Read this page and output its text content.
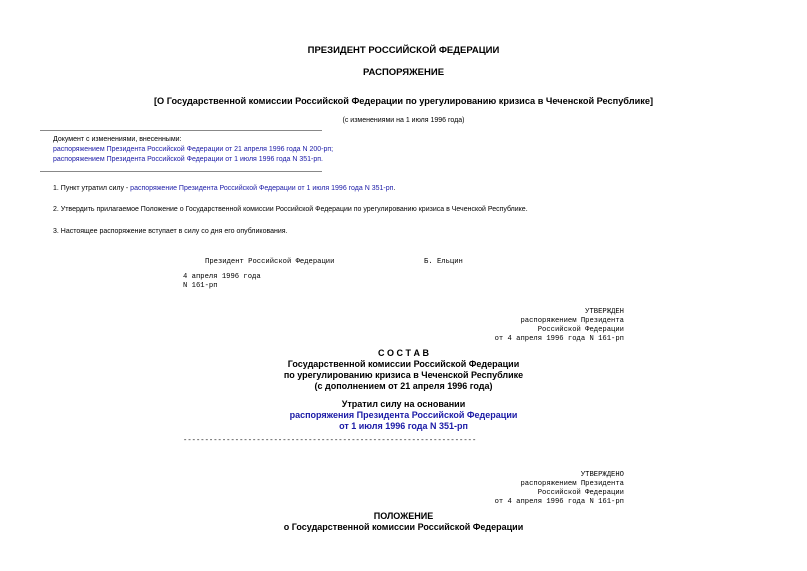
ПРЕЗИДЕНТ РОССИЙСКОЙ ФЕДЕРАЦИИ
РАСПОРЯЖЕНИЕ
[О Государственной комиссии Российской Федерации по урегулированию кризиса в Чеченской Республике]
(с изменениями на 1 июля 1996 года)
Документ с изменениями, внесенными:
распоряжением Президента Российской Федерации от 21 апреля 1996 года N 200-рп;
распоряжением Президента Российской Федерации от 1 июля 1996 года N 351-рп.
1. Пункт утратил силу - распоряжение Президента Российской Федерации от 1 июля 1996 года N 351-рп.
2. Утвердить прилагаемое Положение о Государственной комиссии Российской Федерации по урегулированию кризиса в Чеченской Республике.
3. Настоящее распоряжение вступает в силу со дня его опубликования.
Президент Российской Федерации	Б. Ельцин
4 апреля 1996 года
N 161-рп
УТВЕРЖДЕН
распоряжением Президента
Российской Федерации
от 4 апреля 1996 года N 161-рп
С О С Т А В
Государственной комиссии Российской Федерации
по урегулированию кризиса в Чеченской Республике
(с дополнением от 21 апреля 1996 года)
Утратил силу на основании
распоряжения Президента Российской Федерации
от 1 июля 1996 года N 351-рп
--------------------------------------------------------------------
УТВЕРЖДЕНО
распоряжением Президента
Российской Федерации
от 4 апреля 1996 года N 161-рп
ПОЛОЖЕНИЕ
о Государственной комиссии Российской Федерации
